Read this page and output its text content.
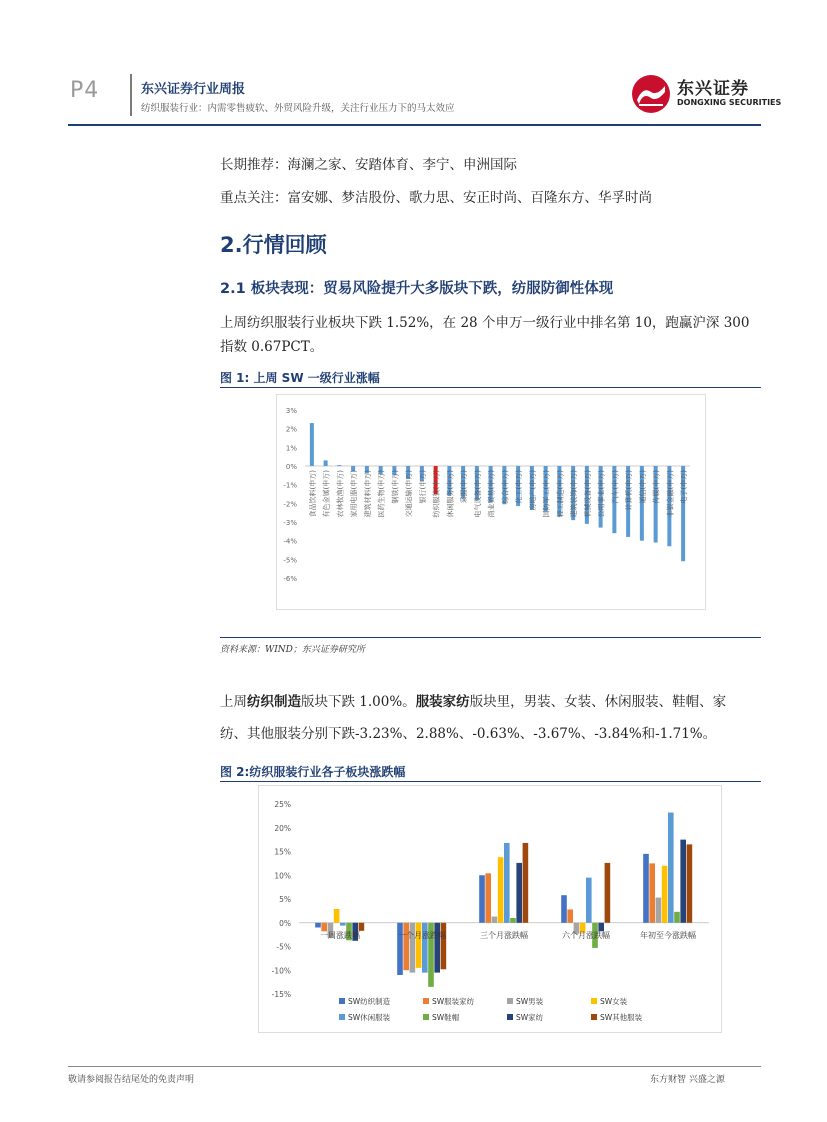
P4	东兴证券行业周报
纺织服装行业：内需零售疲软、外贸风险升级，关注行业压力下的马太效应
东兴证券
DONGXING SECURITIES
长期推荐：海澜之家、安踏体育、李宁、申洲国际
重点关注：富安娜、梦洁股份、歌力思、安正时尚、百隆东方、华孚时尚
2.行情回顾
2.1 板块表现：贸易风险提升大多版块下跌，纺服防御性体现
上周纺织服装行业板块下跌 1.52%，在 28 个申万一级行业中排名第 10，跑赢沪深 300
指数 0.67PCT。
图 1: 上周 SW 一级行业涨幅
3%
2%
1%
0%
-1%
-2%
-3%
-4%
-5%
-6%
食品饮料(申万) 有色金属(申万) 农林牧渔(申万) 家用电器(申万) 建筑材料(申万) 医药生物(申万) 钢铁(申万) 交通运输(申万) 银行(申万) 纺织服装(申万) 休闲服务(申万) 采掘(申万) 电气设备(申万) 商业贸易(申万) 综合(申万) 化工(申万) 房地产(申万) 国防军工(申万) 轻工制造(申万) 建筑装饰(申万) 机械设备(申万) 公用事业(申万) 汽车(申万) 计算机(申万) 通信(申万) 传媒(申万) 非银金融(申万) 电子(申万)
资料来源：WIND；东兴证券研究所
上周纺织制造版块下跌 1.00%。服装家纺版块里，男装、女装、休闲服装、鞋帽、家
纺、其他服装分别下跌-3.23%、2.88%、-0.63%、-3.67%、-3.84%和-1.71%。
图 2:纺织服装行业各子板块涨跌幅
25%
20%
15%
10%
5%
0%
-5%
-10%
-15%
一周涨跌幅	一个月涨跌幅	三个月涨跌幅	六个月涨跌幅	年初至今涨跌幅
SW纺织制造	SW服装家纺	SW男装	SW女装
SW休闲服装	SW鞋帽	SW家纺	SW其他服装
敬请参阅报告结尾处的免责声明	东方财智 兴盛之源
